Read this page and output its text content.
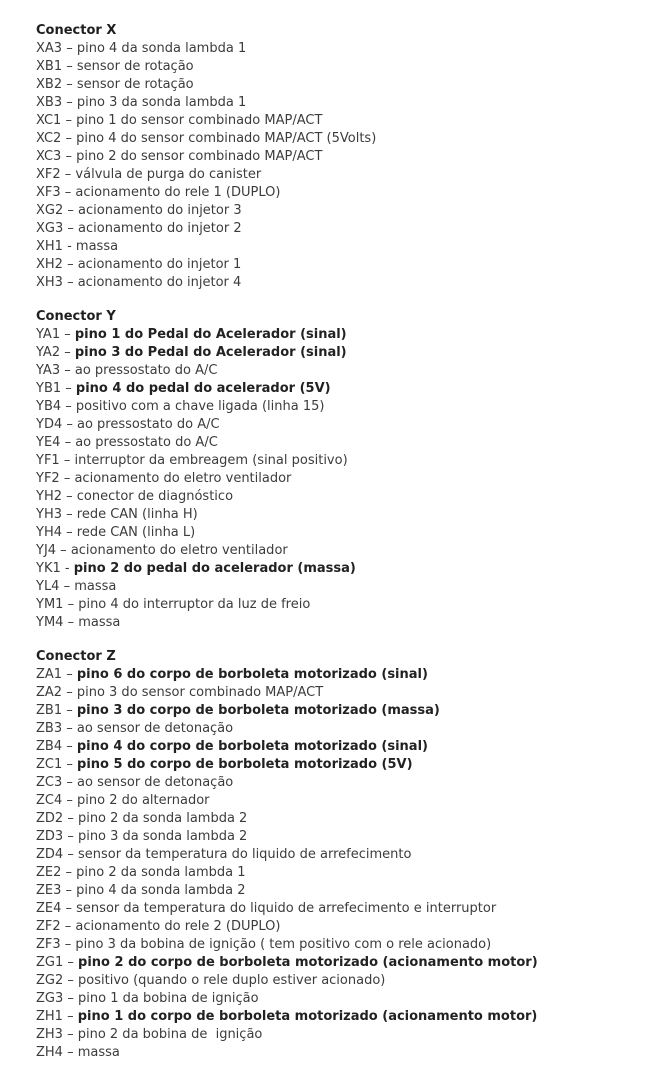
Conector X
XA3 – pino 4 da sonda lambda 1
XB1 – sensor de rotação
XB2 – sensor de rotação
XB3 – pino 3 da sonda lambda 1
XC1 – pino 1 do sensor combinado MAP/ACT
XC2 – pino 4 do sensor combinado MAP/ACT (5Volts)
XC3 – pino 2 do sensor combinado MAP/ACT
XF2 – válvula de purga do canister
XF3 – acionamento do rele 1 (DUPLO)
XG2 – acionamento do injetor 3
XG3 – acionamento do injetor 2
XH1 - massa
XH2 – acionamento do injetor 1
XH3 – acionamento do injetor 4
Conector Y
YA1 – pino 1 do Pedal do Acelerador (sinal)
YA2 – pino 3 do Pedal do Acelerador (sinal)
YA3 – ao pressostato do A/C
YB1 – pino 4 do pedal do acelerador (5V)
YB4 – positivo com a chave ligada (linha 15)
YD4 – ao pressostato do A/C
YE4 – ao pressostato do A/C
YF1 – interruptor da embreagem (sinal positivo)
YF2 – acionamento do eletro ventilador
YH2 – conector de diagnóstico
YH3 – rede CAN (linha H)
YH4 – rede CAN (linha L)
YJ4 – acionamento do eletro ventilador
YK1 - pino 2 do pedal do acelerador (massa)
YL4 – massa
YM1 – pino 4 do interruptor da luz de freio
YM4 – massa
Conector Z
ZA1 – pino 6 do corpo de borboleta motorizado (sinal)
ZA2 – pino 3 do sensor combinado MAP/ACT
ZB1 – pino 3 do corpo de borboleta motorizado (massa)
ZB3 – ao sensor de detonação
ZB4 – pino 4 do corpo de borboleta motorizado (sinal)
ZC1 – pino 5 do corpo de borboleta motorizado (5V)
ZC3 – ao sensor de detonação
ZC4 – pino 2 do alternador
ZD2 – pino 2 da sonda lambda 2
ZD3 – pino 3 da sonda lambda 2
ZD4 – sensor da temperatura do liquido de arrefecimento
ZE2 – pino 2 da sonda lambda 1
ZE3 – pino 4 da sonda lambda 2
ZE4 – sensor da temperatura do liquido de arrefecimento e interruptor
ZF2 – acionamento do rele 2 (DUPLO)
ZF3 – pino 3 da bobina de ignição ( tem positivo com o rele acionado)
ZG1 – pino 2 do corpo de borboleta motorizado (acionamento motor)
ZG2 – positivo (quando o rele duplo estiver acionado)
ZG3 – pino 1 da bobina de ignição
ZH1 – pino 1 do corpo de borboleta motorizado (acionamento motor)
ZH3 – pino 2 da bobina de  ignição
ZH4 – massa
